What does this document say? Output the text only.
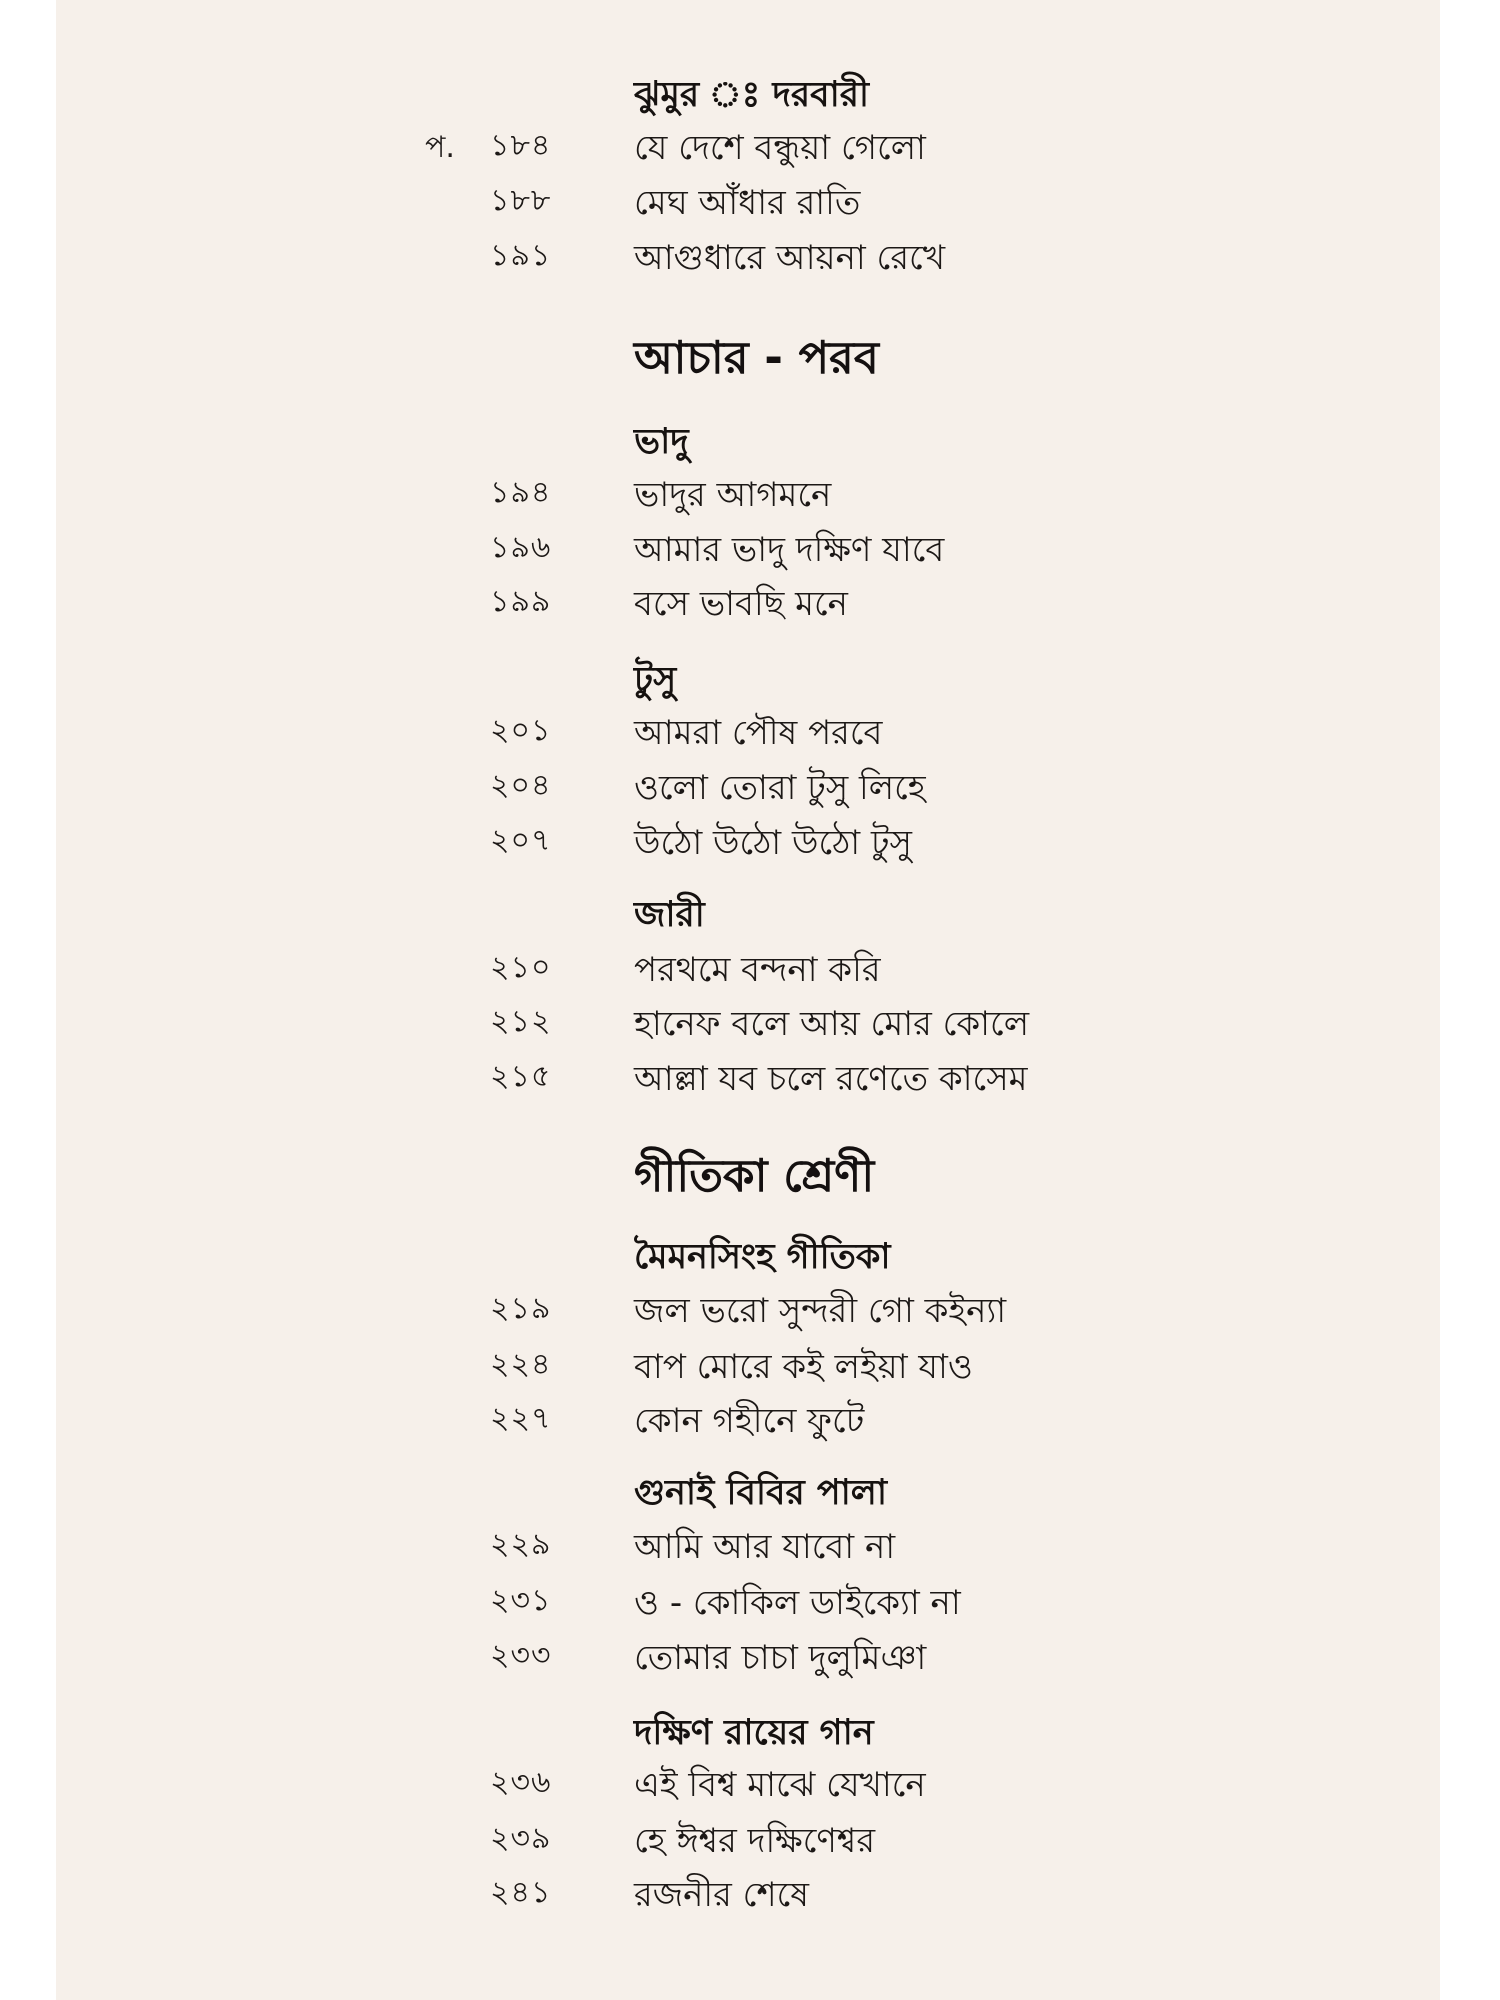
ঝুমুর ঃ দরবারী
প. ১৮৪ যে দেশে বন্ধুয়া গেলো
১৮৮ মেঘ আঁধার রাতি
১৯১ আগুধারে আয়না রেখে
আচার - পরব
ভাদু
১৯৪ ভাদুর আগমনে
১৯৬ আমার ভাদু দক্ষিণ যাবে
১৯৯ বসে ভাবছি মনে
টুসু
২০১ আমরা পৌষ পরবে
২০৪ ওলো তোরা টুসু লিহে
২০৭ উঠো উঠো উঠো টুসু
জারী
২১০ পরথমে বন্দনা করি
২১২ হানেফ বলে আয় মোর কোলে
২১৫ আল্লা যব চলে রণেতে কাসেম
গীতিকা শ্রেণী
মৈমনসিংহ গীতিকা
২১৯ জল ভরো সুন্দরী গো কইন্যা
২২৪ বাপ মোরে কই লইয়া যাও
২২৭ কোন গহীনে ফুটে
গুনাই বিবির পালা
২২৯ আমি আর যাবো না
২৩১ ও - কোকিল ডাইক্যো না
২৩৩ তোমার চাচা দুলুমিঞা
দক্ষিণ রায়ের গান
২৩৬ এই বিশ্ব মাঝে যেখানে
২৩৯ হে ঈশ্বর দক্ষিণেশ্বর
২৪১ রজনীর শেষে
